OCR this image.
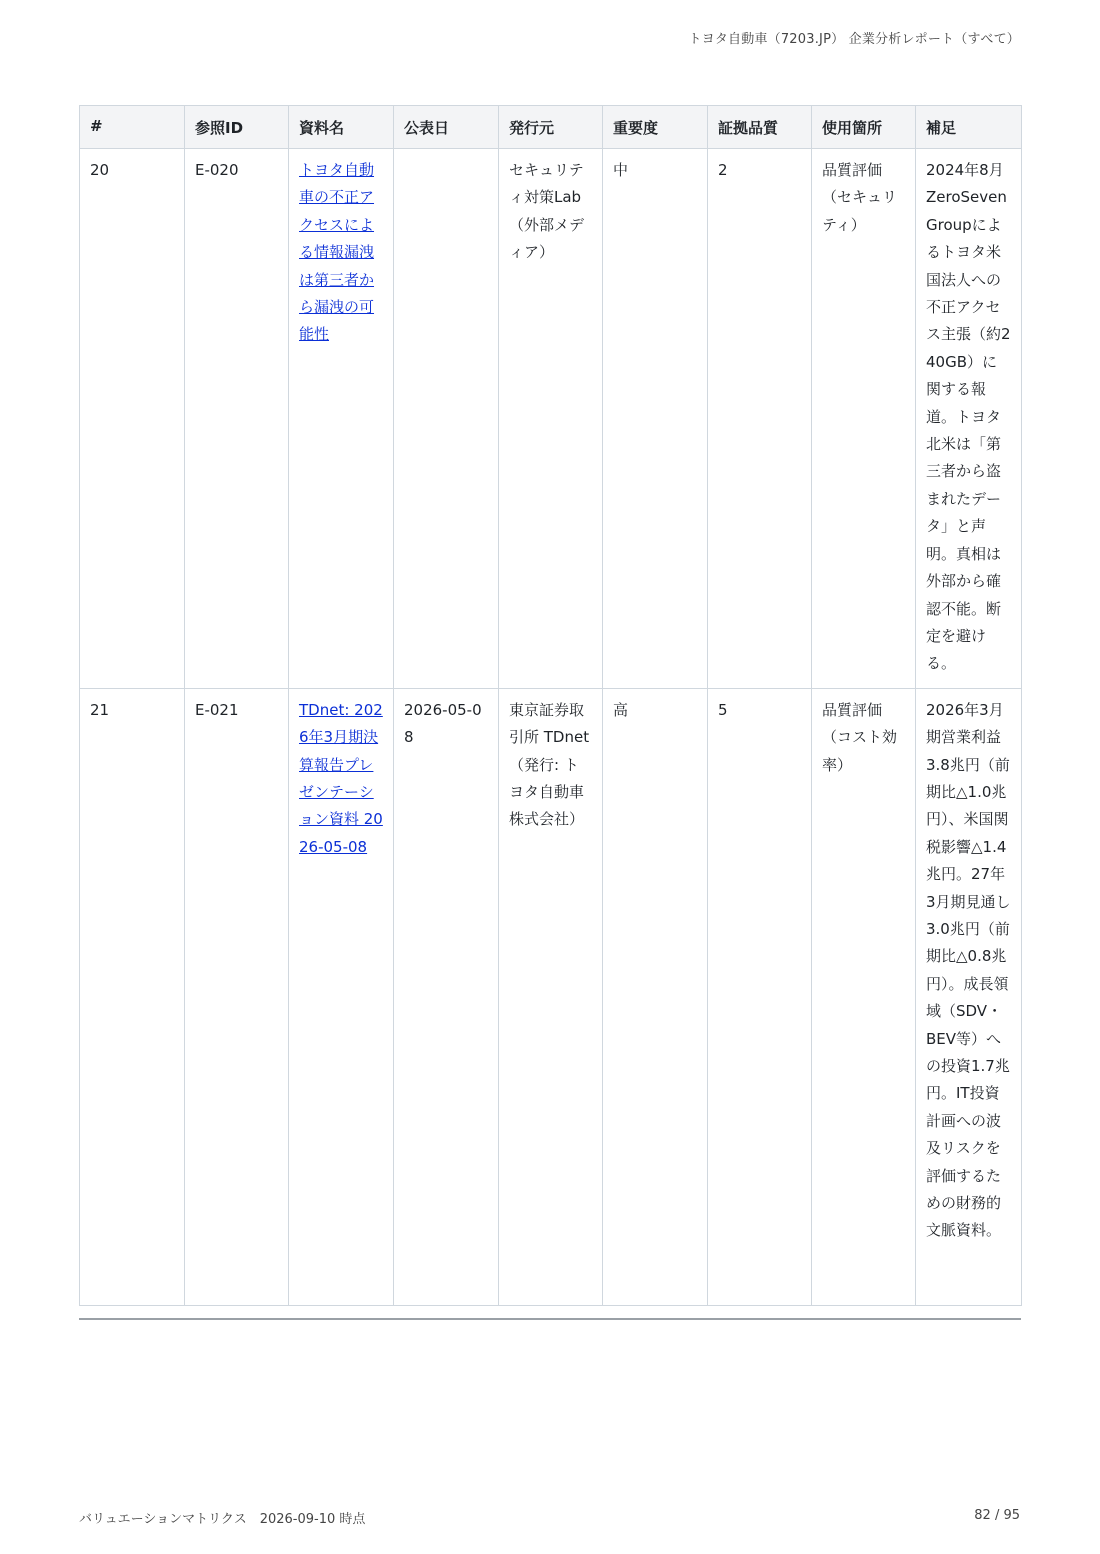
トヨタ自動車（7203.JP） 企業分析レポート（すべて）
#	参照ID	資料名	公表日	発行元	重要度	証拠品質	使用箇所	補足
20	E-020	トヨタ自動車の不正アクセスによる情報漏洩は第三者から漏洩の可能性		セキュリティ対策Lab（外部メディア）	中	2	品質評価（セキュリティ）	2024年8月ZeroSeven Groupによるトヨタ米国法人への不正アクセス主張（約240GB）に関する報道。トヨタ北米は「第三者から盗まれたデータ」と声明。真相は外部から確認不能。断定を避ける。
21	E-021	TDnet: 2026年3月期決算報告プレゼンテーション資料 2026-05-08	2026-05-08	東京証券取引所 TDnet（発行: トヨタ自動車株式会社）	高	5	品質評価（コスト効率）	2026年3月期営業利益3.8兆円（前期比△1.0兆円）、米国関税影響△1.4兆円。27年3月期見通し3.0兆円（前期比△0.8兆円）。成長領域（SDV・BEV等）への投資1.7兆円。IT投資計画への波及リスクを評価するための財務的文脈資料。
バリュエーションマトリクス　2026-09-10 時点	82 / 95
